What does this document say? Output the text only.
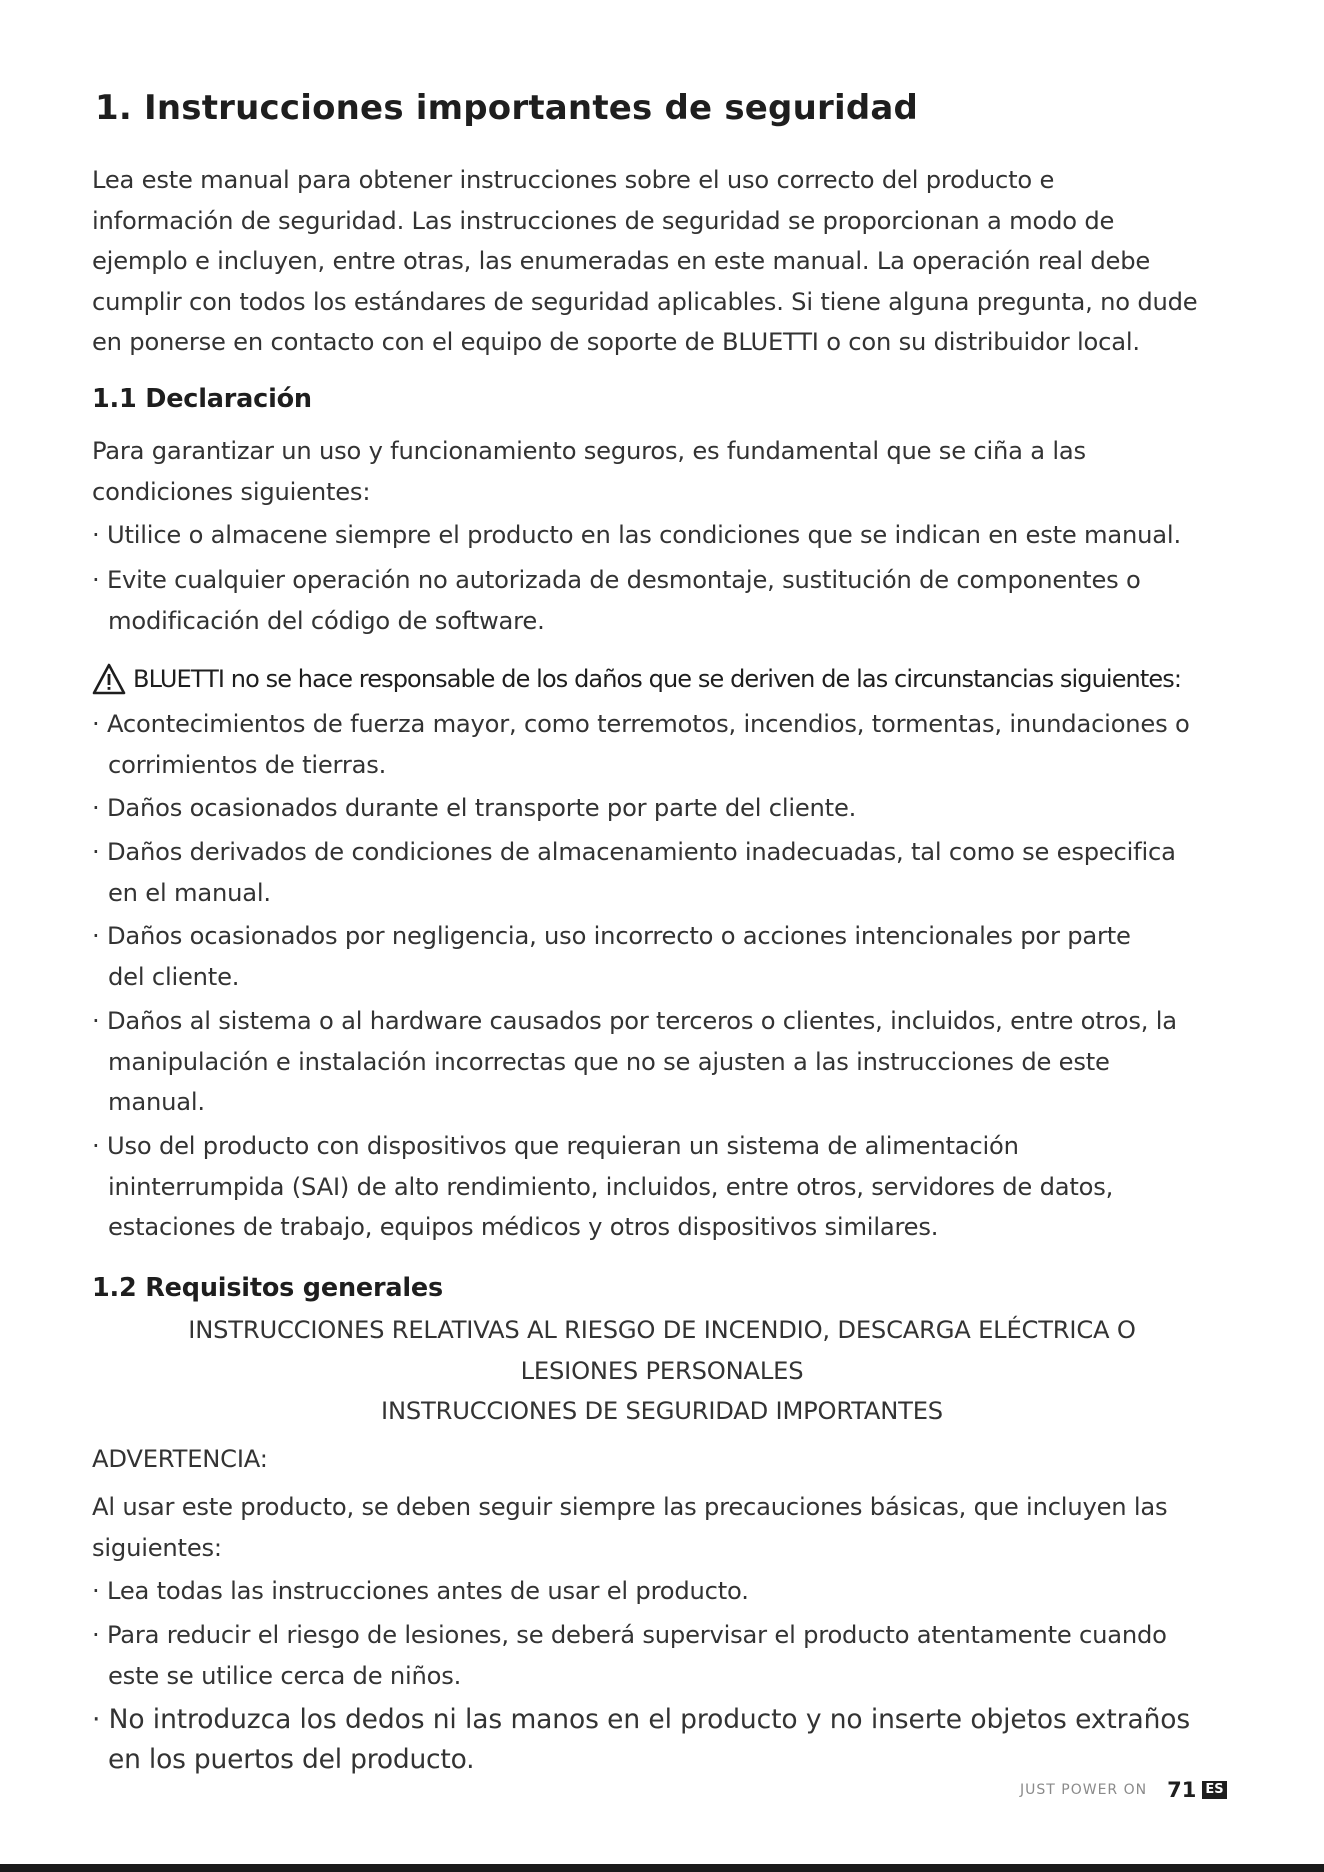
1. Instrucciones importantes de seguridad

Lea este manual para obtener instrucciones sobre el uso correcto del producto e

información de seguridad. Las instrucciones de seguridad se proporcionan a modo de

ejemplo e incluyen, entre otras, las enumeradas en este manual. La operación real debe

cumplir con todos los estándares de seguridad aplicables. Si tiene alguna pregunta, no dude

en ponerse en contacto con el equipo de soporte de BLUETTI o con su distribuidor local.

1.1 Declaración

Para garantizar un uso y funcionamiento seguros, es fundamental que se ciña a las

condiciones siguientes:

· Utilice o almacene siempre el producto en las condiciones que se indican en este manual.

· Evite cualquier operación no autorizada de desmontaje, sustitución de componentes o

modificación del código de software.

BLUETTI no se hace responsable de los daños que se deriven de las circunstancias siguientes:

· Acontecimientos de fuerza mayor, como terremotos, incendios, tormentas, inundaciones o

corrimientos de tierras.

· Daños ocasionados durante el transporte por parte del cliente.

· Daños derivados de condiciones de almacenamiento inadecuadas, tal como se especifica

en el manual.

· Daños ocasionados por negligencia, uso incorrecto o acciones intencionales por parte

del cliente.

· Daños al sistema o al hardware causados por terceros o clientes, incluidos, entre otros, la

manipulación e instalación incorrectas que no se ajusten a las instrucciones de este

manual.

· Uso del producto con dispositivos que requieran un sistema de alimentación

ininterrumpida (SAI) de alto rendimiento, incluidos, entre otros, servidores de datos,

estaciones de trabajo, equipos médicos y otros dispositivos similares.

1.2 Requisitos generales

INSTRUCCIONES RELATIVAS AL RIESGO DE INCENDIO, DESCARGA ELÉCTRICA O

LESIONES PERSONALES

INSTRUCCIONES DE SEGURIDAD IMPORTANTES

ADVERTENCIA:

Al usar este producto, se deben seguir siempre las precauciones básicas, que incluyen las

siguientes:

· Lea todas las instrucciones antes de usar el producto.

· Para reducir el riesgo de lesiones, se deberá supervisar el producto atentamente cuando

este se utilice cerca de niños.

· No introduzca los dedos ni las manos en el producto y no inserte objetos extraños

en los puertos del producto.

JUST POWER ON 71 ES
